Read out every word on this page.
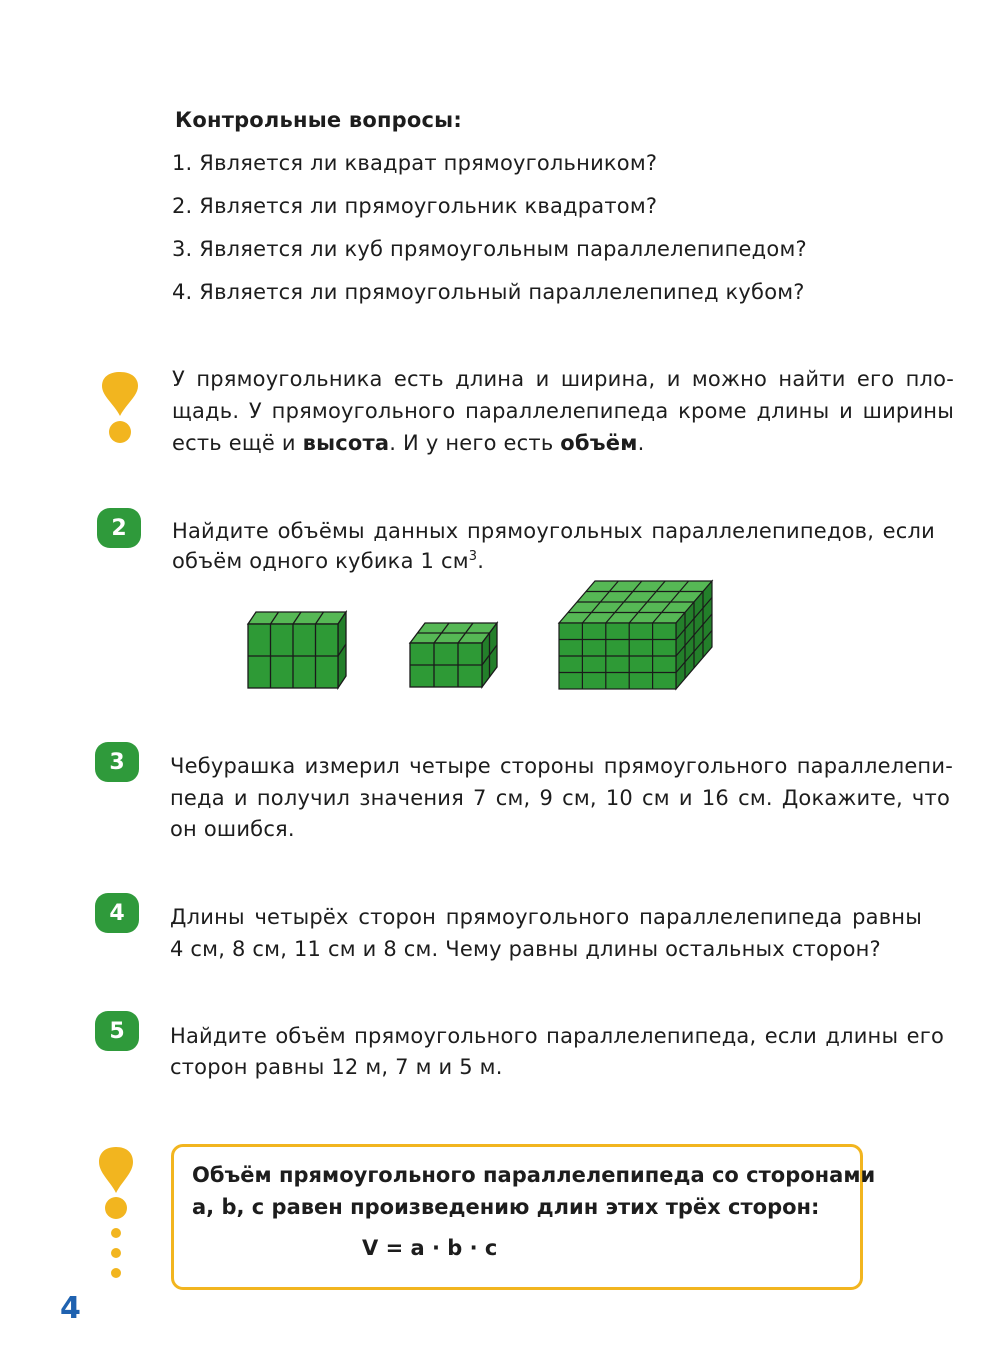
Контрольные вопросы:
1. Является ли квадрат прямоугольником?
2. Является ли прямоугольник квадратом?
3. Является ли куб прямоугольным параллелепипедом?
4. Является ли прямоугольный параллелепипед кубом?
У прямоугольника есть длина и ширина, и можно найти его пло-
щадь. У прямоугольного параллелепипеда кроме длины и ширины
есть ещё и высота. И у него есть объём.
2	Найдите объёмы данных прямоугольных параллелепипедов, если
объём одного кубика 1 $см^3$.
3	Чебурашка измерил четыре стороны прямоугольного параллелепи-
педа и получил значения 7 см, 9 см, 10 см и 16 см. Докажите, что
он ошибся.
4	Длины четырёх сторон прямоугольного параллелепипеда равны
4 см, 8 см, 11 см и 8 см. Чему равны длины остальных сторон?
5	Найдите объём прямоугольного параллелепипеда, если длины его
сторон равны 12 м, 7 м и 5 м.
Объём прямоугольного параллелепипеда со сторонами
a, b, c равен произведению длин этих трёх сторон:
V = a · b · c
4
